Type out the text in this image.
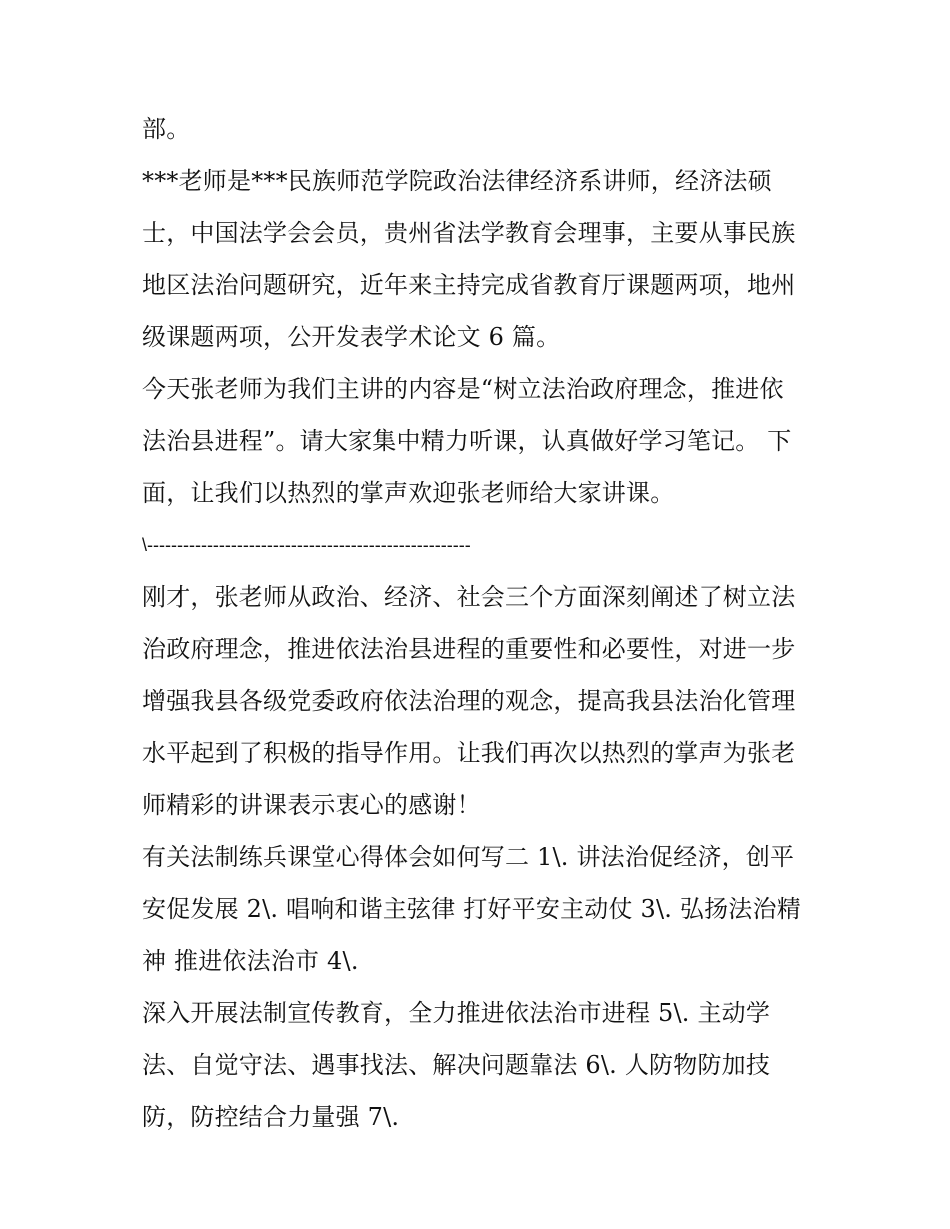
部。
***老师是***民族师范学院政治法律经济系讲师，经济法硕
士，中国法学会会员，贵州省法学教育会理事，主要从事民族
地区法治问题研究，近年来主持完成省教育厅课题两项，地州
级课题两项，公开发表学术论文 6 篇。
今天张老师为我们主讲的内容是“树立法治政府理念，推进依
法治县进程”。请大家集中精力听课，认真做好学习笔记。 下
面，让我们以热烈的掌声欢迎张老师给大家讲课。
\------------------------------------------------------
刚才，张老师从政治、经济、社会三个方面深刻阐述了树立法
治政府理念，推进依法治县进程的重要性和必要性，对进一步
增强我县各级党委政府依法治理的观念，提高我县法治化管理
水平起到了积极的指导作用。让我们再次以热烈的掌声为张老
师精彩的讲课表示衷心的感谢！
有关法制练兵课堂心得体会如何写二 1\. 讲法治促经济，创平
安促发展 2\. 唱响和谐主弦律 打好平安主动仗 3\. 弘扬法治精
神 推进依法治市 4\.
深入开展法制宣传教育，全力推进依法治市进程 5\. 主动学
法、自觉守法、遇事找法、解决问题靠法 6\. 人防物防加技
防，防控结合力量强 7\.
